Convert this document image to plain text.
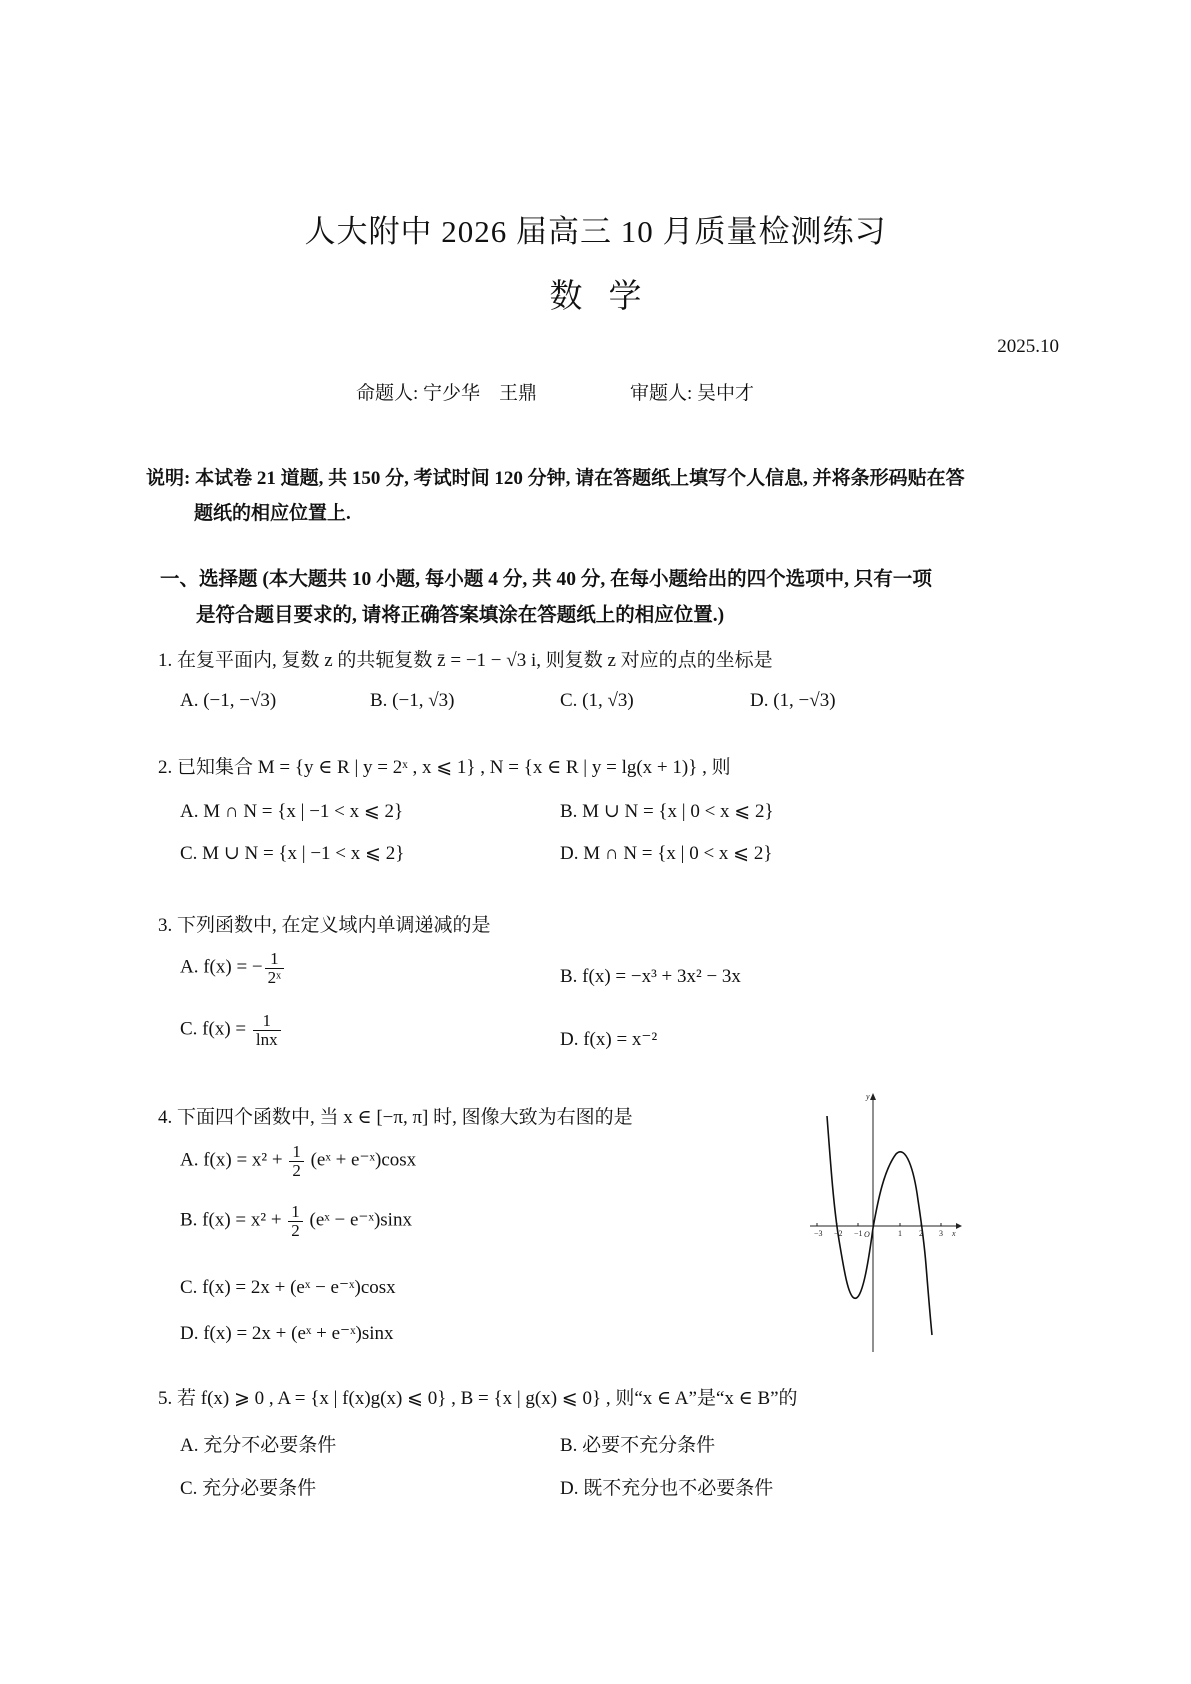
人大附中 2026 届高三 10 月质量检测练习
数学
2025.10
命题人: 宁少华　王鼎	审题人: 吴中才
说明: 本试卷 21 道题, 共 150 分, 考试时间 120 分钟, 请在答题纸上填写个人信息, 并将条形码贴在答
题纸的相应位置上.
一、选择题 (本大题共 10 小题, 每小题 4 分, 共 40 分, 在每小题给出的四个选项中, 只有一项
是符合题目要求的, 请将正确答案填涂在答题纸上的相应位置.)
1. 在复平面内, 复数 z 的共轭复数 z̄ = −1 − √3 i, 则复数 z 对应的点的坐标是
A. (−1, −√3)	B. (−1, √3)	C. (1, √3)	D. (1, −√3)
2. 已知集合 M = {y ∈ R | y = 2ˣ , x ⩽ 1} , N = {x ∈ R | y = lg(x + 1)} , 则
A. M ∩ N = {x | −1 < x ⩽ 2}	B. M ∪ N = {x | 0 < x ⩽ 2}
C. M ∪ N = {x | −1 < x ⩽ 2}	D. M ∩ N = {x | 0 < x ⩽ 2}
3. 下列函数中, 在定义域内单调递减的是
A. f(x) = − $\frac{1}{\text{2ˣ}}$	B. f(x) = −x³ + 3x² − 3x
C. $f(x) = \frac{1}{\ln x}$	D. f(x) = x⁻²
4. 下面四个函数中, 当 x ∈ [−π, π] 时, 图像大致为右图的是
A. $f(x) = x^2 + \frac{1}{2}$ (eˣ + e⁻ˣ)cosx
B. $f(x) = x^2 + \frac{1}{2}$ (eˣ − e⁻ˣ)sinx
C. f(x) = 2x + (eˣ − e⁻ˣ)cosx
D. f(x) = 2x + (eˣ + e⁻ˣ)sinx
−3 −2 −1 O	1 2 3 x
y
5. 若 f(x) ⩾ 0 , A = {x | f(x)g(x) ⩽ 0} , B = {x | g(x) ⩽ 0} , 则“x ∈ A”是“x ∈ B”的
A. 充分不必要条件	B. 必要不充分条件
C. 充分必要条件	D. 既不充分也不必要条件
